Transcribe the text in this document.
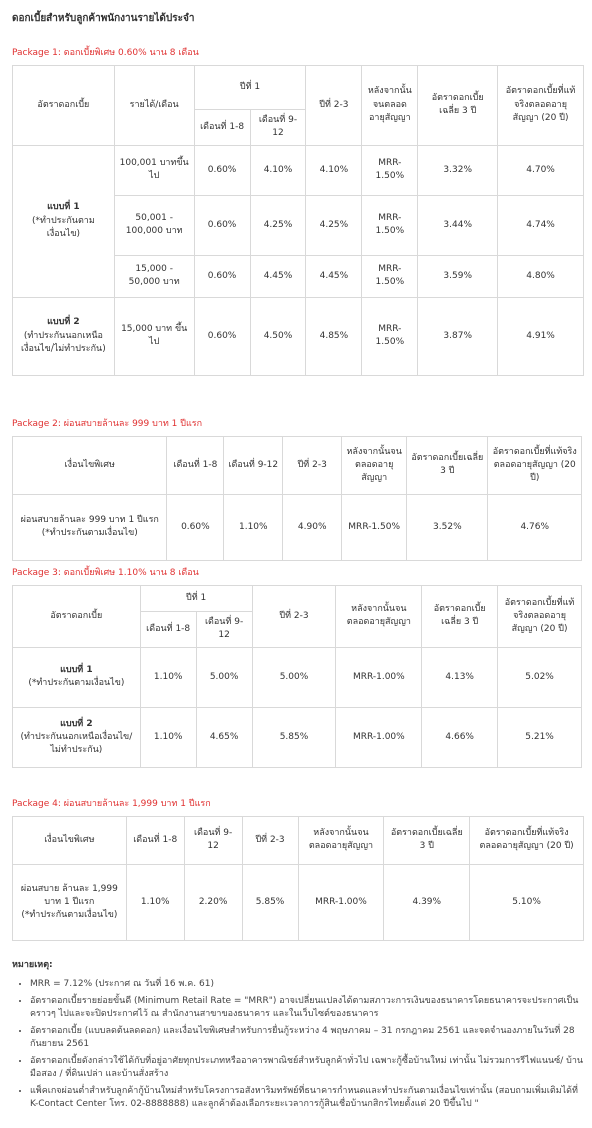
ดอกเบี้ยสำหรับลูกค้าพนักงานรายได้ประจำ
Package 1: ดอกเบี้ยพิเศษ 0.60% นาน 8 เดือน
อัตราดอกเบี้ย	รายได้/เดือน	ปีที่ 1		ปีที่ 2-3	หลังจากนั้นจนตลอดอายุสัญญา	อัตราดอกเบี้ยเฉลี่ย 3 ปี	อัตราดอกเบี้ยที่แท้จริงตลอดอายุสัญญา (20 ปี)
		เดือนที่ 1-8	เดือนที่ 9-12				
แบบที่ 1
(*ทำประกันตามเงื่อนไข)	100,001 บาทขึ้นไป	0.60%	4.10%	4.10%	MRR-1.50%	3.32%	4.70%
	50,001 - 100,000 บาท	0.60%	4.25%	4.25%	MRR-1.50%	3.44%	4.74%
	15,000 - 50,000 บาท	0.60%	4.45%	4.45%	MRR-1.50%	3.59%	4.80%
แบบที่ 2
(ทำประกันนอกเหนือเงื่อนไข/ไม่ทำประกัน)	15,000 บาท ขึ้นไป	0.60%	4.50%	4.85%	MRR-1.50%	3.87%	4.91%
Package 2: ผ่อนสบายล้านละ 999 บาท 1 ปีแรก
เงื่อนไขพิเศษ	เดือนที่ 1-8	เดือนที่ 9-12	ปีที่ 2-3	หลังจากนั้นจนตลอดอายุสัญญา	อัตราดอกเบี้ยเฉลี่ย 3 ปี	อัตราดอกเบี้ยที่แท้จริงตลอดอายุสัญญา (20 ปี)
ผ่อนสบายล้านละ 999 บาท 1 ปีแรก
(*ทำประกันตามเงื่อนไข)	0.60%	1.10%	4.90%	MRR-1.50%	3.52%	4.76%
Package 3: ดอกเบี้ยพิเศษ 1.10% นาน 8 เดือน
อัตราดอกเบี้ย	ปีที่ 1		ปีที่ 2-3	หลังจากนั้นจนตลอดอายุสัญญา	อัตราดอกเบี้ยเฉลี่ย 3 ปี	อัตราดอกเบี้ยที่แท้จริงตลอดอายุสัญญา (20 ปี)
	เดือนที่ 1-8	เดือนที่ 9-12				
แบบที่ 1
(*ทำประกันตามเงื่อนไข)	1.10%	5.00%	5.00%	MRR-1.00%	4.13%	5.02%
แบบที่ 2
(ทำประกันนอกเหนือเงื่อนไข/ไม่ทำประกัน)	1.10%	4.65%	5.85%	MRR-1.00%	4.66%	5.21%
Package 4: ผ่อนสบายล้านละ 1,999 บาท 1 ปีแรก
เงื่อนไขพิเศษ	เดือนที่ 1-8	เดือนที่ 9-12	ปีที่ 2-3	หลังจากนั้นจนตลอดอายุสัญญา	อัตราดอกเบี้ยเฉลี่ย 3 ปี	อัตราดอกเบี้ยที่แท้จริงตลอดอายุสัญญา (20 ปี)
ผ่อนสบาย ล้านละ 1,999 บาท 1 ปีแรก
(*ทำประกันตามเงื่อนไข)	1.10%	2.20%	5.85%	MRR-1.00%	4.39%	5.10%
หมายเหตุ:
• MRR = 7.12% (ประกาศ ณ วันที่ 16 พ.ค. 61)
• อัตราดอกเบี้ยรายย่อยขั้นดี (Minimum Retail Rate = "MRR") อาจเปลี่ยนแปลงได้ตามสภาวะการเงินของธนาคารโดยธนาคารจะประกาศเป็นคราวๆ ไปและจะปิดประกาศไว้ ณ สำนักงานสาขาของธนาคาร และในเว็บไซต์ของธนาคาร
• อัตราดอกเบี้ย (แบบลดต้นลดดอก) และเงื่อนไขพิเศษสำหรับการยื่นกู้ระหว่าง 4 พฤษภาคม – 31 กรกฎาคม 2561 และจดจำนองภายในวันที่ 28 กันยายน 2561
• อัตราดอกเบี้ยดังกล่าวใช้ได้กับที่อยู่อาศัยทุกประเภทหรืออาคารพาณิชย์สำหรับลูกค้าทั่วไป เฉพาะกู้ซื้อบ้านใหม่ เท่านั้น ไม่รวมการรีไฟแนนซ์/ บ้านมือสอง / ที่ดินเปล่า และบ้านสั่งสร้าง
• แพ็คเกจผ่อนต่ำสำหรับลูกค้ากู้บ้านใหม่สำหรับโครงการอสังหาริมทรัพย์ที่ธนาคารกำหนดและทำประกันตามเงื่อนไขเท่านั้น (สอบถามเพิ่มเติมได้ที่ K-Contact Center โทร. 02-8888888) และลูกค้าต้องเลือกระยะเวลาการกู้สินเชื่อบ้านกสิกรไทยตั้งแต่ 20 ปีขึ้นไป "
